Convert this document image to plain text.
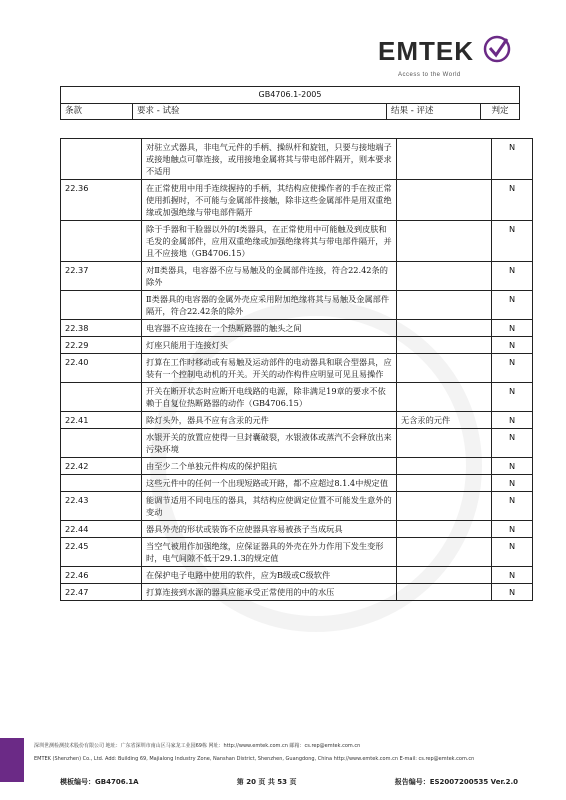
EMTEK
Access to the World
GB4706.1-2005
条款	要求 - 试验	结果 - 评述	判定
	对驻立式器具，非电气元件的手柄、操纵杆和旋钮，只要与接地端子或接地触点可靠连接，或用接地金属将其与带电部件隔开，则本要求不适用		N
22.36	在正常使用中用手连续握持的手柄，其结构应使操作者的手在按正常使用抓握时，不可能与金属部件接触，除非这些金属部件是用双重绝缘或加强绝缘与带电部件隔开		N
	除于手器和干脸器以外的Ⅰ类器具，在正常使用中可能触及到皮肤和毛发的金属部件，应用双重绝缘或加强绝缘将其与带电部件隔开，并且不应接地（GB4706.15）		N
22.37	对Ⅱ类器具，电容器不应与易触及的金属部件连接，符合22.42条的除外		N
	Ⅱ类器具的电容器的金属外壳应采用附加绝缘将其与易触及金属部件隔开，符合22.42条的除外		N
22.38	电容器不应连接在一个热断路器的触头之间		N
22.29	灯座只能用于连接灯头		N
22.40	打算在工作时移动或有易触及运动部件的电动器具和联合型器具，应装有一个控制电动机的开关。开关的动作构件应明显可见且易操作		N
	开关在断开状态时应断开电线路的电源，除非满足19章的要求不依赖于自复位热断路器的动作（GB4706.15）		N
22.41	除灯头外，器具不应有含汞的元件	无含汞的元件	N
	水银开关的放置应使得一旦封囊破裂，水银液体或蒸汽不会释放出来污染环境		N
22.42	由至少二个单独元件构成的保护阻抗		N
	这些元件中的任何一个出现短路或开路，都不应超过8.1.4中规定值		N
22.43	能调节适用不同电压的器具，其结构应使调定位置不可能发生意外的变动		N
22.44	器具外壳的形状或装饰不应使器具容易被孩子当成玩具		N
22.45	当空气被用作加强绝缘，应保证器具的外壳在外力作用下发生变形时，电气间隙不低于29.1.3的规定值		N
22.46	在保护电子电路中使用的软件，应为B级或C级软件		N
22.47	打算连接到水源的器具应能承受正常使用的中的水压		N
深圳世测检测技术股份有限公司 地址：广东省深圳市南山区马家龙工业园69栋 网址：http://www.emtek.com.cn 邮箱：cs.rep@emtek.com.cn
EMTEK (Shenzhen) Co., Ltd. Add: Building 69, Majialong Industry Zone, Nanshan District, Shenzhen, Guangdong, China http://www.emtek.com.cn E-mail: cs.rep@emtek.com.cn
模板编号：GB4706.1A	第 20 页 共 53 页	报告编号：ES2007200535 Ver.2.0
